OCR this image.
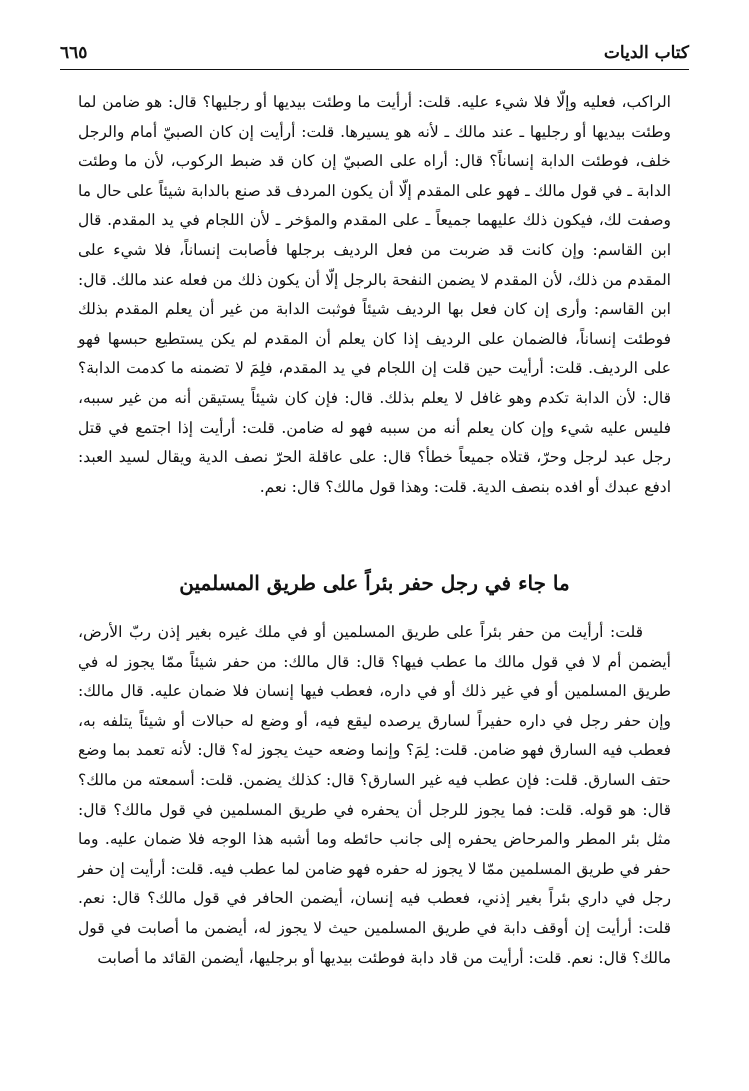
كتاب الديات
٦٦٥

الراكب، فعليه وإلّا فلا شيء عليه. قلت: أرأيت ما وطئت بيديها أو رجليها؟ قال: هو ضامن لما وطئت بيديها أو رجليها ـ عند مالك ـ لأنه هو يسيرها. قلت: أرأيت إن كان الصبيّ أمام والرجل خلف، فوطئت الدابة إنساناً؟ قال: أراه على الصبيّ إن كان قد ضبط الركوب، لأن ما وطئت الدابة ـ في قول مالك ـ فهو على المقدم إلّا أن يكون المردف قد صنع بالدابة شيئاً على حال ما وصفت لك، فيكون ذلك عليهما جميعاً ـ على المقدم والمؤخر ـ لأن اللجام في يد المقدم. قال ابن القاسم: وإن كانت قد ضربت من فعل الرديف برجلها فأصابت إنساناً، فلا شيء على المقدم من ذلك، لأن المقدم لا يضمن النفحة بالرجل إلّا أن يكون ذلك من فعله عند مالك. قال: ابن القاسم: وأرى إن كان فعل بها الرديف شيئاً فوثبت الدابة من غير أن يعلم المقدم بذلك فوطئت إنساناً، فالضمان على الرديف إذا كان يعلم أن المقدم لم يكن يستطيع حبسها فهو على الرديف. قلت: أرأيت حين قلت إن اللجام في يد المقدم، فلِمَ لا تضمنه ما كدمت الدابة؟ قال: لأن الدابة تكدم وهو غافل لا يعلم بذلك. قال: فإن كان شيئاً يستيقن أنه من غير سببه، فليس عليه شيء وإن كان يعلم أنه من سببه فهو له ضامن. قلت: أرأيت إذا اجتمع في قتل رجل عبد لرجل وحرّ، قتلاه جميعاً خطأ؟ قال: على عاقلة الحرّ نصف الدية ويقال لسيد العبد: ادفع عبدك أو افده بنصف الدية. قلت: وهذا قول مالك؟ قال: نعم.

ما جاء في رجل حفر بئراً على طريق المسلمين

قلت: أرأيت من حفر بئراً على طريق المسلمين أو في ملك غيره بغير إذن ربّ الأرض، أيضمن أم لا في قول مالك ما عطب فيها؟ قال: قال مالك: من حفر شيئاً ممّا يجوز له في طريق المسلمين أو في غير ذلك أو في داره، فعطب فيها إنسان فلا ضمان عليه. قال مالك: وإن حفر رجل في داره حفيراً لسارق يرصده ليقع فيه، أو وضع له حبالات أو شيئاً يتلفه به، فعطب فيه السارق فهو ضامن. قلت: لِمَ؟ وإنما وضعه حيث يجوز له؟ قال: لأنه تعمد بما وضع حتف السارق. قلت: فإن عطب فيه غير السارق؟ قال: كذلك يضمن. قلت: أسمعته من مالك؟ قال: هو قوله. قلت: فما يجوز للرجل أن يحفره في طريق المسلمين في قول مالك؟ قال: مثل بئر المطر والمرحاض يحفره إلى جانب حائطه وما أشبه هذا الوجه فلا ضمان عليه. وما حفر في طريق المسلمين ممّا لا يجوز له حفره فهو ضامن لما عطب فيه. قلت: أرأيت إن حفر رجل في داري بئراً بغير إذني، فعطب فيه إنسان، أيضمن الحافر في قول مالك؟ قال: نعم. قلت: أرأيت إن أوقف دابة في طريق المسلمين حيث لا يجوز له، أيضمن ما أصابت في قول مالك؟ قال: نعم. قلت: أرأيت من قاد دابة فوطئت بيديها أو برجليها، أيضمن القائد ما أصابت
